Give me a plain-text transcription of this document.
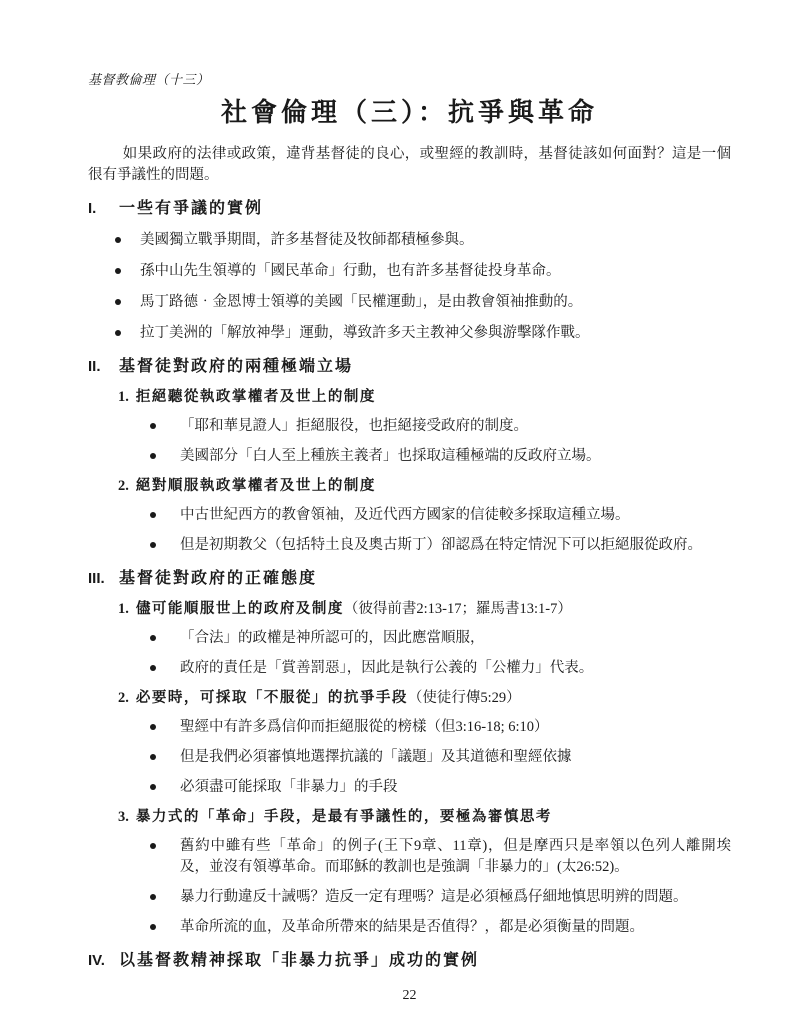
基督教倫理（十三）
社會倫理（三）：抗爭與革命

如果政府的法律或政策，違背基督徒的良心，或聖經的教訓時，基督徒該如何面對？這是一個很有爭議性的問題。

I.	一些有爭議的實例
美國獨立戰爭期間，許多基督徒及牧師都積極參與。
孫中山先生領導的「國民革命」行動，也有許多基督徒投身革命。
馬丁路德‧金恩博士領導的美國「民權運動」，是由教會領袖推動的。
拉丁美洲的「解放神學」運動，導致許多天主教神父參與游擊隊作戰。
II.	基督徒對政府的兩種極端立場
1. 拒絕聽從執政掌權者及世上的制度
「耶和華見證人」拒絕服役，也拒絕接受政府的制度。
美國部分「白人至上種族主義者」也採取這種極端的反政府立場。
2. 絕對順服執政掌權者及世上的制度
中古世紀西方的教會領袖，及近代西方國家的信徒較多採取這種立場。
但是初期教父（包括特土良及奧古斯丁）卻認爲在特定情況下可以拒絕服從政府。
III. 基督徒對政府的正確態度
1. 儘可能順服世上的政府及制度（彼得前書2:13-17；羅馬書13:1-7）
「合法」的政權是神所認可的，因此應當順服，
政府的責任是「賞善罰惡」，因此是執行公義的「公權力」代表。
2. 必要時，可採取「不服從」的抗爭手段（使徒行傳5:29）
聖經中有許多爲信仰而拒絕服從的榜樣（但3:16-18; 6:10）
但是我們必須審慎地選擇抗議的「議題」及其道德和聖經依據
必須盡可能採取「非暴力」的手段
3. 暴力式的「革命」手段，是最有爭議性的，要極為審慎思考
舊約中雖有些「革命」的例子(王下9章、11章)，但是摩西只是率領以色列人離開埃及，並沒有領導革命。而耶穌的教訓也是強調「非暴力的」(太26:52)。
暴力行動違反十誡嗎？造反一定有理嗎？這是必須極爲仔細地慎思明辨的問題。
革命所流的血，及革命所帶來的結果是否值得？，都是必須衡量的問題。
IV. 以基督教精神採取「非暴力抗爭」成功的實例
22
